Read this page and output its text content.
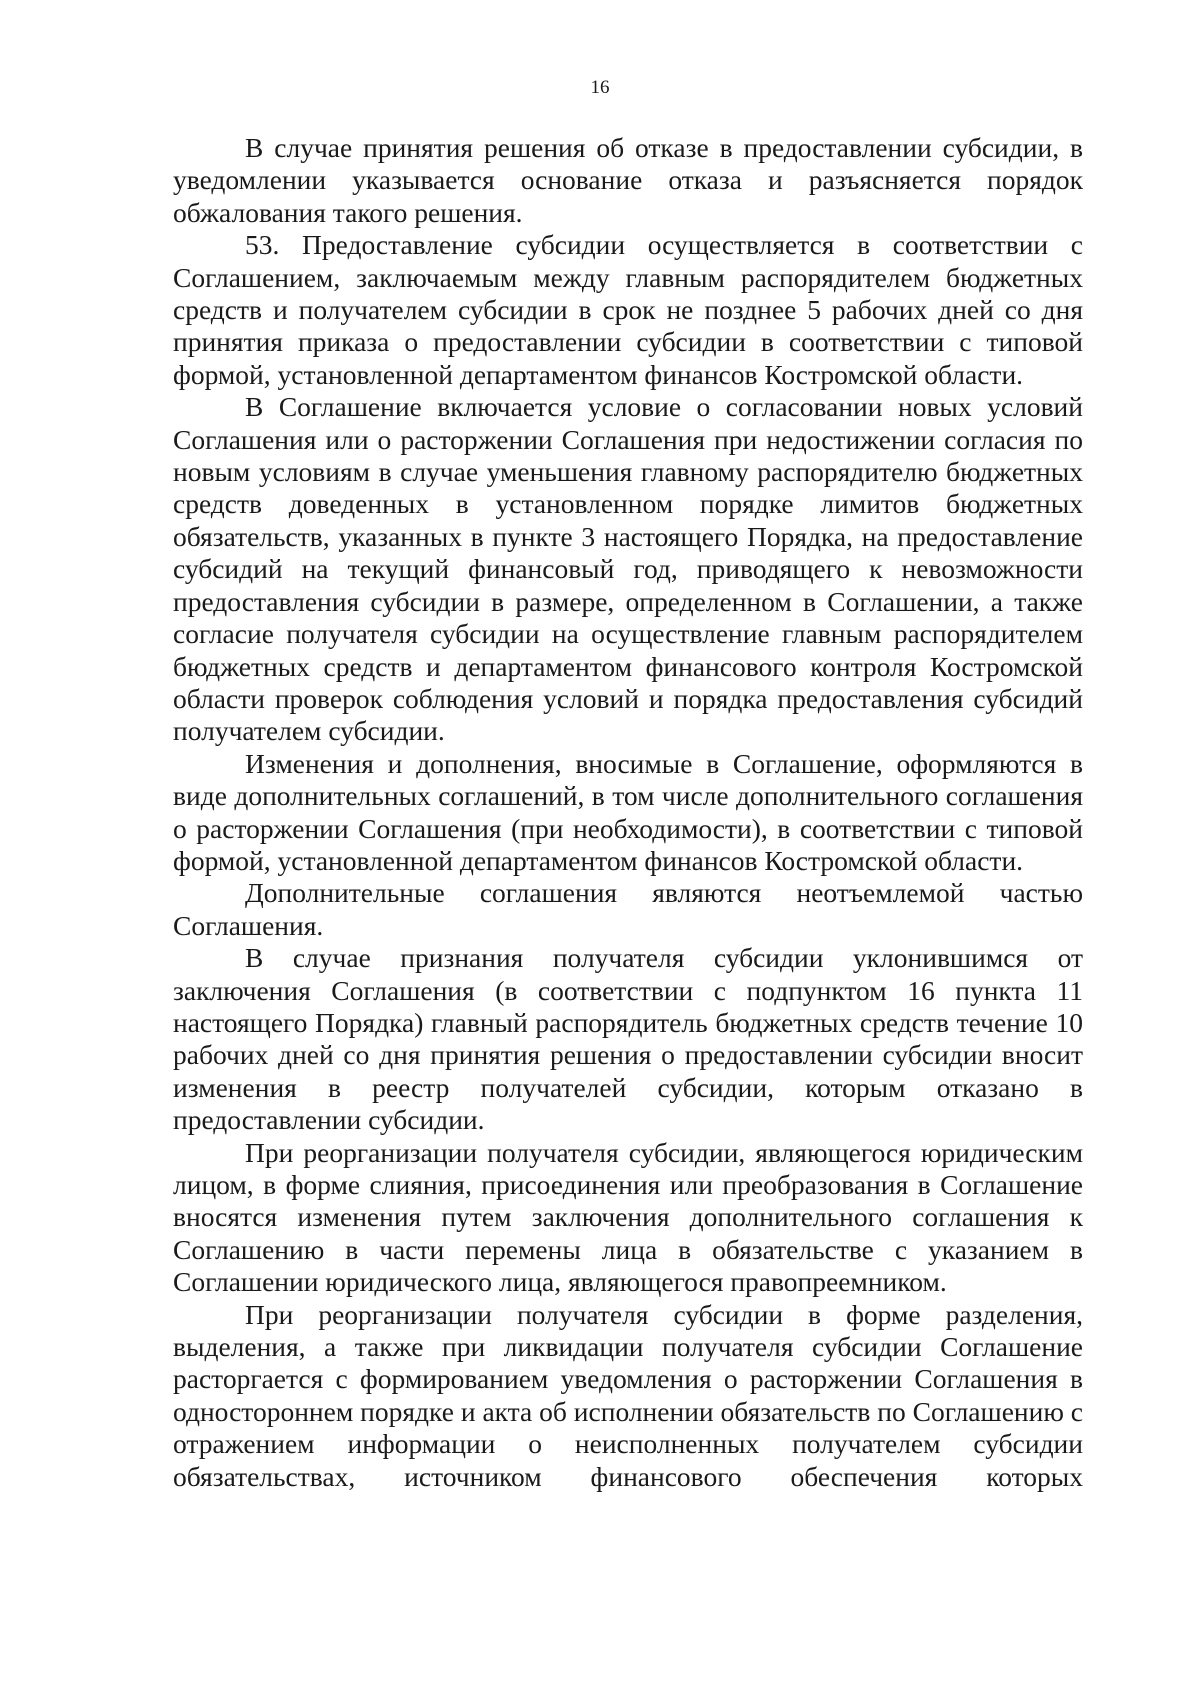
16

В случае принятия решения об отказе в предоставлении субсидии, в уведомлении указывается основание отказа и разъясняется порядок обжалования такого решения.

53. Предоставление субсидии осуществляется в соответствии с Соглашением, заключаемым между главным распорядителем бюджетных средств и получателем субсидии в срок не позднее 5 рабочих дней со дня принятия приказа о предоставлении субсидии в соответствии с типовой формой, установленной департаментом финансов Костромской области.

В Соглашение включается условие о согласовании новых условий Соглашения или о расторжении Соглашения при недостижении согласия по новым условиям в случае уменьшения главному распорядителю бюджетных средств доведенных в установленном порядке лимитов бюджетных обязательств, указанных в пункте 3 настоящего Порядка, на предоставление субсидий на текущий финансовый год, приводящего к невозможности предоставления субсидии в размере, определенном в Соглашении, а также согласие получателя субсидии на осуществление главным распорядителем бюджетных средств и департаментом финансового контроля Костромской области проверок соблюдения условий и порядка предоставления субсидий получателем субсидии.

Изменения и дополнения, вносимые в Соглашение, оформляются в виде дополнительных соглашений, в том числе дополнительного соглашения о расторжении Соглашения (при необходимости), в соответствии с типовой формой, установленной департаментом финансов Костромской области.

Дополнительные соглашения являются неотъемлемой частью Соглашения.

В случае признания получателя субсидии уклонившимся от заключения Соглашения (в соответствии с подпунктом 16 пункта 11 настоящего Порядка) главный распорядитель бюджетных средств течение 10 рабочих дней со дня принятия решения о предоставлении субсидии вносит изменения в реестр получателей субсидии, которым отказано в предоставлении субсидии.

При реорганизации получателя субсидии, являющегося юридическим лицом, в форме слияния, присоединения или преобразования в Соглашение вносятся изменения путем заключения дополнительного соглашения к Соглашению в части перемены лица в обязательстве с указанием в Соглашении юридического лица, являющегося правопреемником.

При реорганизации получателя субсидии в форме разделения, выделения, а также при ликвидации получателя субсидии Соглашение расторгается с формированием уведомления о расторжении Соглашения в одностороннем порядке и акта об исполнении обязательств по Соглашению с отражением информации о неисполненных получателем субсидии обязательствах, источником финансового обеспечения которых
